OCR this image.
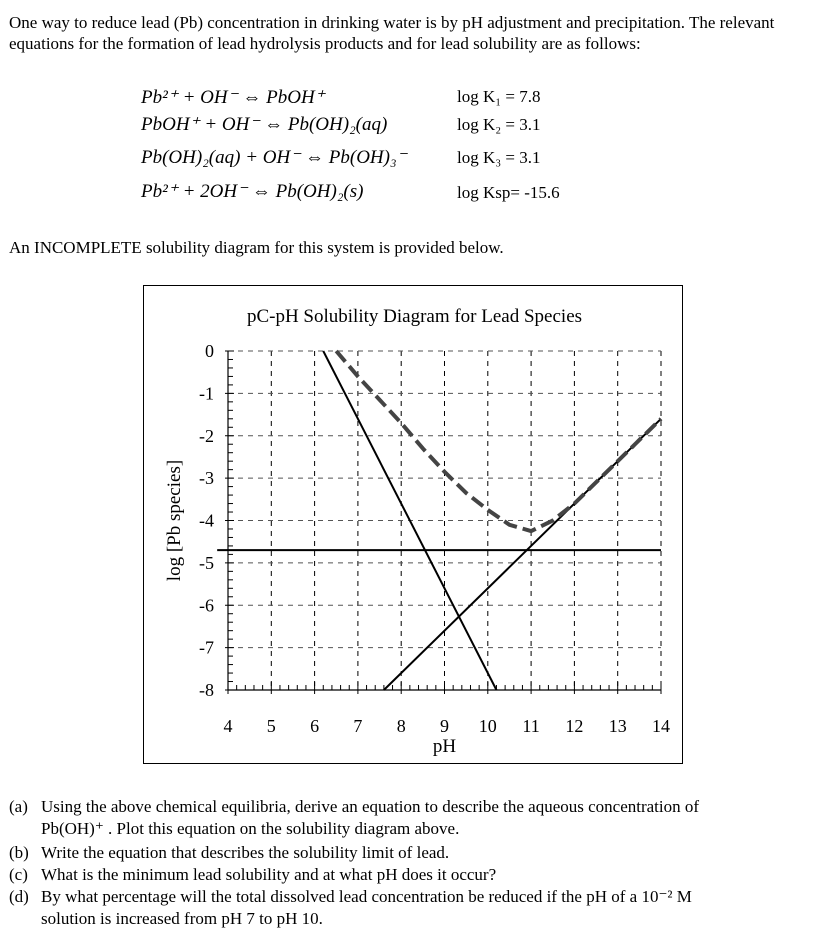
One way to reduce lead (Pb) concentration in drinking water is by pH adjustment and precipitation. The relevant equations for the formation of lead hydrolysis products and for lead solubility are as follows:
Pb²⁺ + OH⁻ ⇔ PbOH⁺	log K₁ = 7.8
PbOH⁺ + OH⁻ ⇔ Pb(OH)₂(aq)	log K₂ = 3.1
Pb(OH)₂(aq) + OH⁻ ⇔ Pb(OH)₃⁻	log K₃ = 3.1
Pb²⁺ + 2OH⁻ ⇔ Pb(OH)₂(s)	log Ksp= -15.6
An INCOMPLETE solubility diagram for this system is provided below.
pC-pH Solubility Diagram for Lead Species
4 5 6 7 8 9 10 11 12 13 14
0
-1
-2
-3
-4
-5
-6
-7
-8
pH
log [Pb species]
(a) Using the above chemical equilibria, derive an equation to describe the aqueous concentration of
Pb(OH)⁺ . Plot this equation on the solubility diagram above.
(b) Write the equation that describes the solubility limit of lead.
(c) What is the minimum lead solubility and at what pH does it occur?
(d) By what percentage will the total dissolved lead concentration be reduced if the pH of a 10⁻² M
solution is increased from pH 7 to pH 10.
